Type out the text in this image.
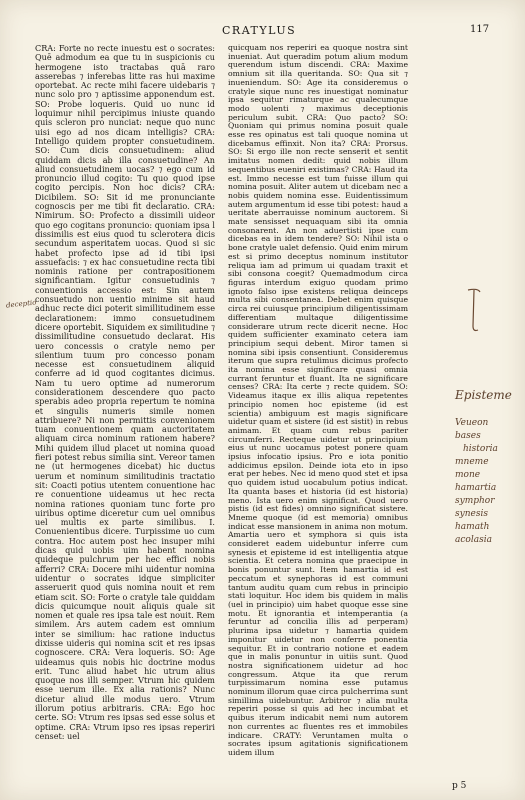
CRATYLUS	117

CRA: Forte no recte inuestu est o socrates: Quē admodum ea que tu in suspicionis cu hermogene isto tractabas quā raro asserebas ⁊ inferebas litte ras hui maxime oportebat. Ac recte mihi facere uidebaris ⁊ nunc solo pro ⁊ aptissime apponendum est. SO: Probe loqueris. Quid uo nunc id loquimur nihil percipimus iniuste quando quis scleron pro nunciat: neque quo nunc uisi ego ad nos dicam intelligis? CRA: Intelligo quidem propter consuetudinem. SO: Cum dicis consuetudinem: aliud quiddam dicis ab illa consuetudine? An aliud consuetudinem uocas? ⁊ ego cum id pronuncio illud cogito: Tu quo quod ipse cogito percipis. Non hoc dicis? CRA: Dicibilem. SO: Sit id me pronunciante cognoscis per me tibi fit declaratio. CRA: Nimirum. SO: Profecto a dissimili uideor quo ego cogitans pronuncio: quoniam ipsa l dissimilis est eius quod tu sclerotera dicis secundum asperitatem uocas. Quod si sic habet profecto ipse ad id tibi ipsi assuefacis: ⁊ ex hac consuetudine recta tibi nominis ratione per contrapositionem significantiam. Igitur consuetudinis ⁊ conuentionis accessio est: Sin autem consuetudo non uentio minime sit haud adhuc recte dici poterit simillitudinem esse declarationem: immo consuetudinem dicere oportebit. Siquidem ex similitudine ⁊ dissimilitudine consuetudo declarat. His uero concessis o cratyle nemo per silentium tuum pro concesso ponam necesse est consuetudinem aliquid conferre ad id quod cogitantes dicimus. Nam tu uero optime ad numerorum considerationem descendere quo pacto sperabis adeo propria repertum te nomina et singulis numeris simile nomen attribuere? Ni non permittis convenionem tuam conuentionem quam auctoritatem aliquam circa nominum rationem habere? Mihi quidem illud placet ut nomina quoad fieri potest rebus similia sint. Vereor tamen ne (ut hermogenes dicebat) hic ductus uerum et nominum similitudinis tractatio sit: Coacti potius utentem conuentione hac re conuentione uideamus ut hec recta nomina rationes quoniam tunc forte pro uiribus optime diceretur cum uel omnibus uel multis ex parte similibus. I. Conuenientibus dicere. Turpissime uo cum contra. Hoc autem post hec insuper mihi dicas quid uobis uim habent nomina quideque pulchrum per hec effici nobis afferri? CRA: Docere mihi uidentur nomina uidentur o socrates idque simpliciter asseruerit quod quis nomina nouit et rem etiam scit. SO: Forte o cratyle tale quiddam dicis quicumque nouit aliquis quale sit nomen et quale res ipsa tale est nouit. Rem similem. Ars autem cadem est omnium inter se similium: hac ratione inductus dixisse uideris qui nomina scit et res ipsas cognoscere. CRA: Vera loqueris. SO: Age uideamus quis nobis hic doctrine modus erit. Tunc aliud habet hic utrum alius quoque nos illi semper. Vtrum hic quidem esse uerum ille. Ex alia rationis? Nunc dicetur aliud ille modus uero. Vtrum illorum potius arbitraris. CRA: Ego hoc certe. SO: Vtrum res ipsas sed esse solus et optime. CRA: Vtrum ipso res ipsas reperiri censet: uel

quicquam nos reperiri ea quoque nostra sint inueniat. Aut queradim potum alium modum querendum istum discendi. CRA: Maxime omnium sit illa queritanda. SO: Qua sit ⁊ inueniendum. SO: Age ita consideremus o cratyle sique nunc res inuestigat nominatur ipsa sequitur rimaturque ac qualecumque modo uolenti ⁊ maximus deceptionis periculum subit. CRA: Quo pacto? SO: Quoniam qui primus nomina posuit quale esse res opinatus est tali quoque nomina ut dicebamus effinxit. Non ita? CRA: Prorsus. SO: Si ergo ille non recte senserit et sentit imitatus nomen dedit: quid nobis illum sequentibus eueniri existimas? CRA: Haud ita est. Immo necesse est tum fuisse illum qui nomina posuit. Aliter autem ut dicebam nec a nobis quidem nomina esse. Euidentissimum autem argumentum id esse tibi potest: haud a ueritate aberrauisse nominum auctorem. Si mate sensisset nequaquam sibi ita omnia consonarent. An non aduertisti ipse cum dicebas ea in idem tendere? SO: Nihil ista o bone cratyle ualet defensio. Quid enim mirum est si primo deceptus nominum institutor reliqua iam ad primum ui quadam traxit et sibi consona coegit? Quemadmodum circa figuras interdum exiguo quodam primo ignoto falso ipse existens reliqua deinceps multa sibi consentanea. Debet enim quisque circa rei cuiusque principium diligentissimam differentiam multaque diligentissime considerare utrum recte dicerit necne. Hoc quidem sufficienter examinato cetera iam principium sequi debent. Miror tamen si nomina sibi ipsis consentiunt. Consideremus iterum que supra retulimus dicimus profecto ita nomina esse significare quasi omnia currant feruntur et fluant. Ita ne significare censes? CRA: Ita certe ⁊ recte quidem. SO: Videamus itaque ex illis aliqua repetentes principio nomen hoc episteme (id est scientia) ambiguum est magis significare uidetur quam et sistere (id est sistit) in rebus animam. Et quam cum rebus pariter circumferri. Recteque uidetur ut principium eius ut nunc uocamus potest ponere quam ipsius infocatio ipsius. Pro e iota ponitio addicimus epsilon. Deinde iota eto in ipso erat per hebes. Nec id meno quod stet et ipsa quo quidem istud uocabulum potius indicat. Ita quanta bases et historia (id est historia) meno. Ista uero enim significat. Quod uero pistis (id est fides) omnino significat sistere. Mneme quoque (id est memoria) omnibus indicat esse mansionem in anima non motum. Amartia uero et symphora si quis ista consideret eadem uidebuntur inferre cum synesis et episteme id est intelligentia atque scientia. Et cetera nomina que praecipue in bonis ponuntur sunt. Item hamartia id est peccatum et synephoras id est communi tantum auditu quam cum rebus in principio stati loquitur. Hoc idem bis quidem in malis (uel in principio) uim habet quoque esse sine motu. Et ignorantia et intemperantia (a feruntur ad concilia illis ad perperam) plurima ipsa uidetur ⁊ hamartia quidem imponitur uidetur non conferre ponentia sequitur. Et in contrario notione et eadem que in malis ponuntur in uitiis sunt. Quod nostra significationem uidetur ad hoc congressum. Atque ita que rerum turpissimarum nomina esse putamus nominum illorum quae circa pulcherrima sunt simillima uidebuntur. Arbitror ⁊ alia multa reperiri posse si quis ad hec incumbat et quibus iterum indicabit nemi num autorem non currentes ac fluentes res et immobiles indicare. CRATY: Veruntamen multa o socrates ipsum agitationis significationem uidem illum

p 5
deceptio
Episteme
Veueon
bases
historia
mneme
mone
hamartia
symphor
synesis
hamath
acolasia
